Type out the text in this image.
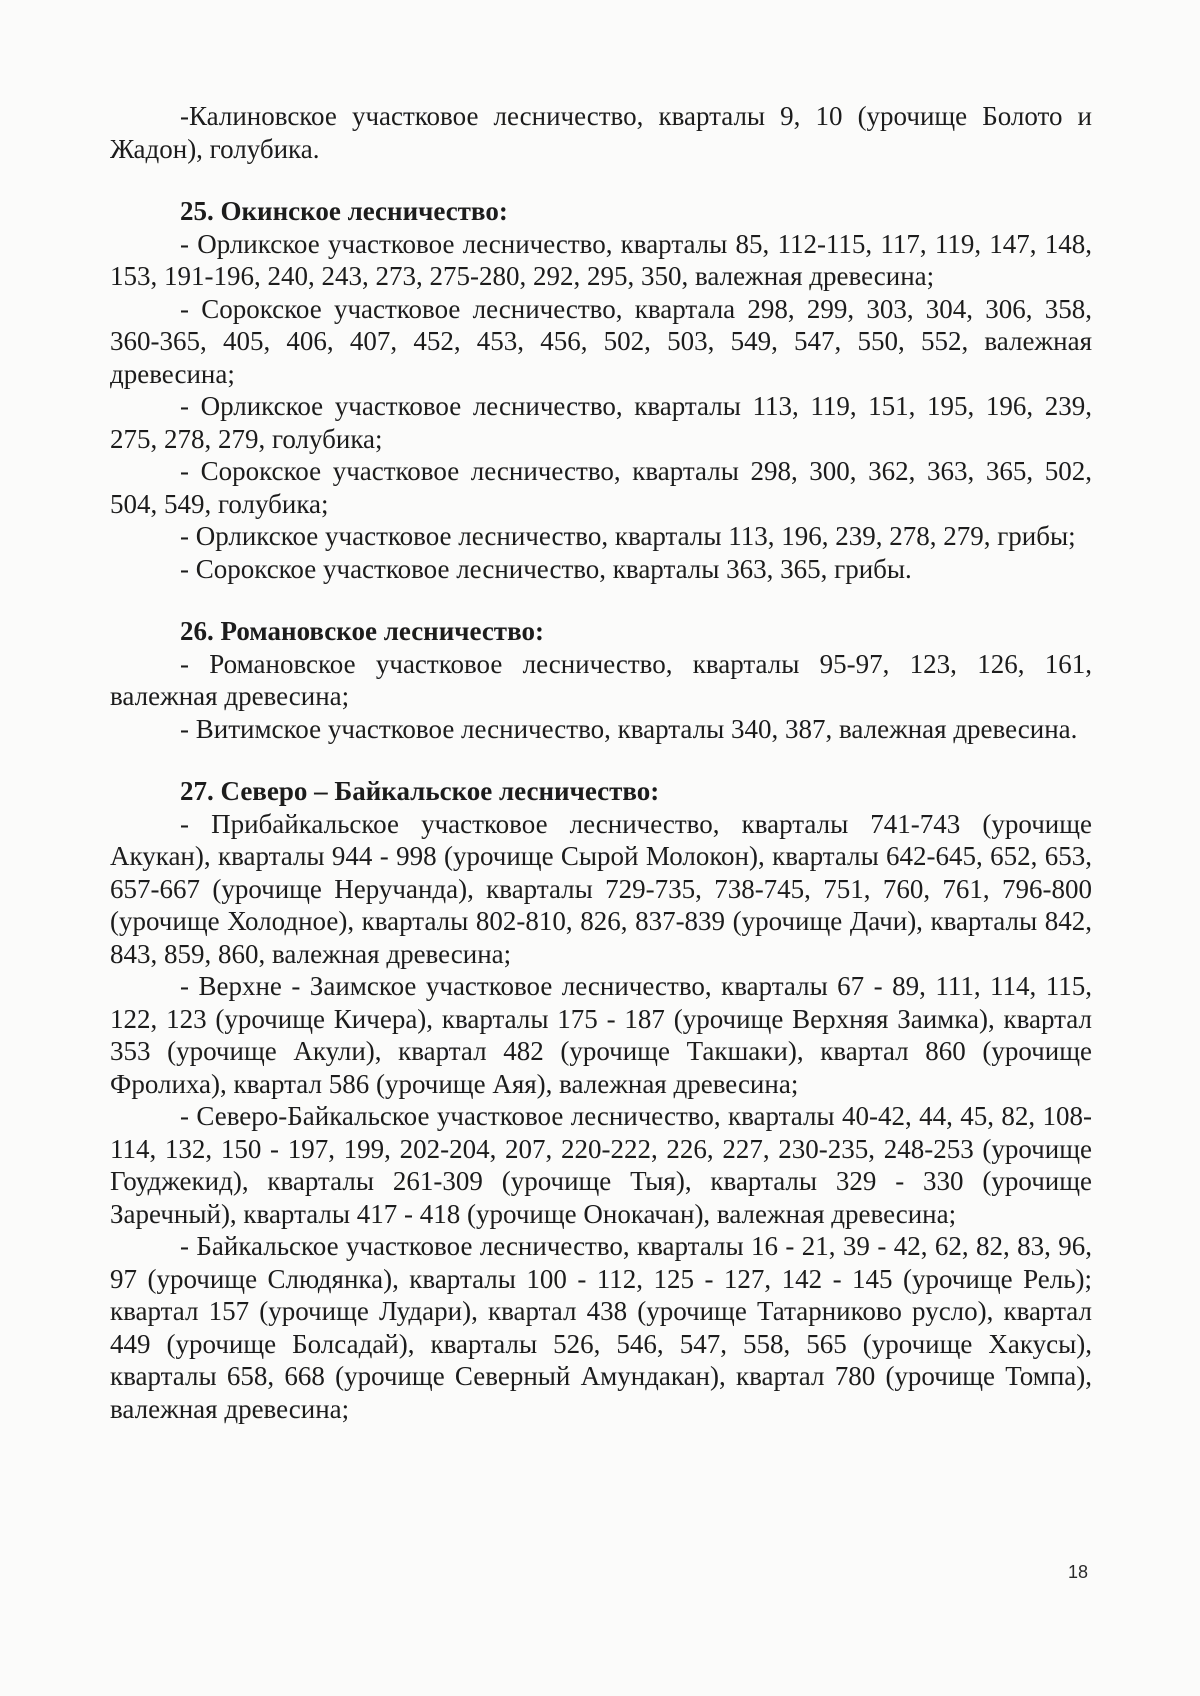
-Калиновское участковое лесничество, кварталы 9, 10 (урочище Болото и Жадон), голубика.

25. Окинское лесничество:

- Орликское участковое лесничество, кварталы 85, 112-115, 117, 119, 147, 148, 153, 191-196, 240, 243, 273, 275-280, 292, 295, 350, валежная древесина;

- Сорокское участковое лесничество, квартала 298, 299, 303, 304, 306, 358, 360-365, 405, 406, 407, 452, 453, 456, 502, 503, 549, 547, 550, 552, валежная древесина;

- Орликское участковое лесничество, кварталы 113, 119, 151, 195, 196, 239, 275, 278, 279, голубика;

- Сорокское участковое лесничество, кварталы 298, 300, 362, 363, 365, 502, 504, 549, голубика;

- Орликское участковое лесничество, кварталы 113, 196, 239, 278, 279, грибы;

- Сорокское участковое лесничество, кварталы 363, 365, грибы.

26. Романовское лесничество:

- Романовское участковое лесничество, кварталы 95-97, 123, 126, 161, валежная древесина;

- Витимское участковое лесничество, кварталы 340, 387, валежная древесина.

27. Северо – Байкальское лесничество:

- Прибайкальское участковое лесничество, кварталы 741-743 (урочище Акукан), кварталы 944 - 998 (урочище Сырой Молокон), кварталы 642-645, 652, 653, 657-667 (урочище Неручанда), кварталы 729-735, 738-745, 751, 760, 761, 796-800 (урочище Холодное), кварталы 802-810, 826, 837-839 (урочище Дачи), кварталы 842, 843, 859, 860, валежная древесина;

- Верхне - Заимское участковое лесничество, кварталы 67 - 89, 111, 114, 115, 122, 123 (урочище Кичера), кварталы 175 - 187 (урочище Верхняя Заимка), квартал 353 (урочище Акули), квартал 482 (урочище Такшаки), квартал 860 (урочище Фролиха), квартал 586 (урочище Аяя), валежная древесина;

- Северо-Байкальское участковое лесничество, кварталы 40-42, 44, 45, 82, 108-114, 132, 150 - 197, 199, 202-204, 207, 220-222, 226, 227, 230-235, 248-253 (урочище Гоуджекид), кварталы 261-309 (урочище Тыя), кварталы 329 - 330 (урочище Заречный), кварталы 417 - 418 (урочище Онокачан), валежная древесина;

- Байкальское участковое лесничество, кварталы 16 - 21, 39 - 42, 62, 82, 83, 96, 97 (урочище Слюдянка), кварталы 100 - 112, 125 - 127, 142 - 145 (урочище Рель); квартал 157 (урочище Лудари), квартал 438 (урочище Татарниково русло), квартал 449 (урочище Болсадай), кварталы 526, 546, 547, 558, 565 (урочище Хакусы), кварталы 658, 668 (урочище Северный Амундакан), квартал 780 (урочище Томпа), валежная древесина;

18
